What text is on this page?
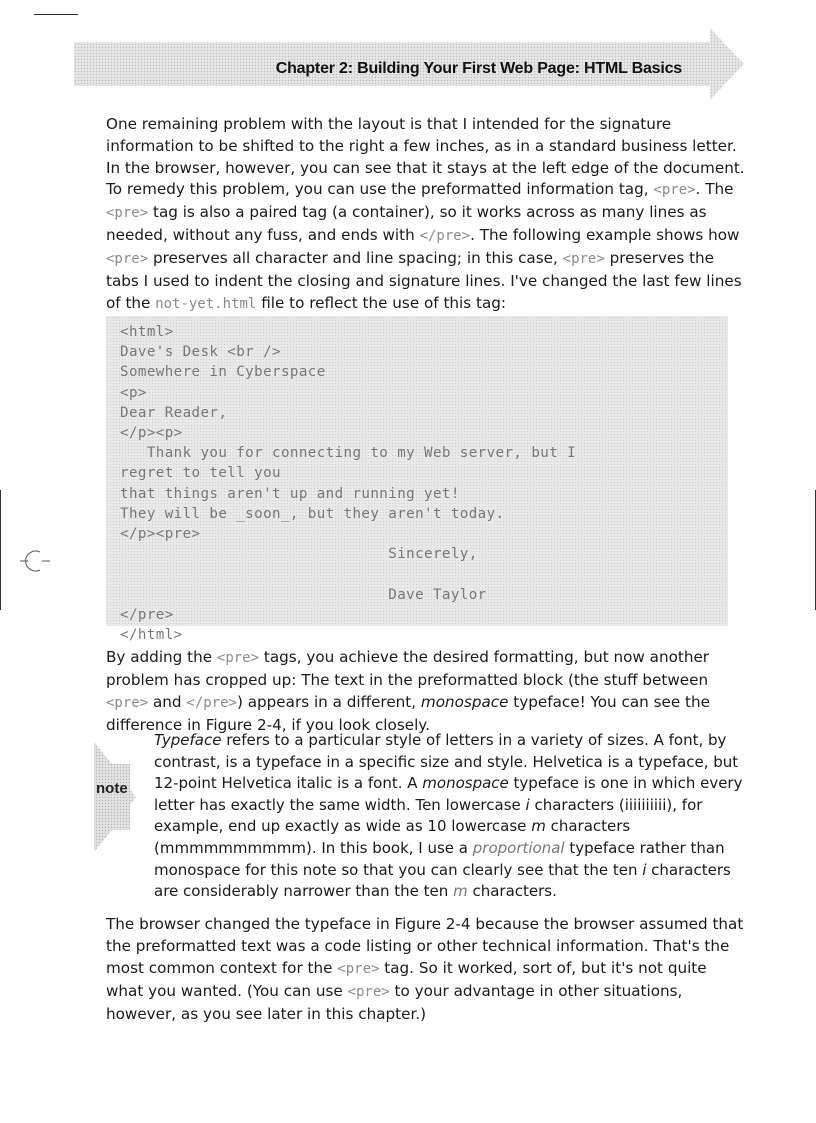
Chapter 2: Building Your First Web Page: HTML Basics

One remaining problem with the layout is that I intended for the signature information to be shifted to the right a few inches, as in a standard business letter. In the browser, however, you can see that it stays at the left edge of the document.

To remedy this problem, you can use the preformatted information tag, <pre>. The <pre> tag is also a paired tag (a container), so it works across as many lines as needed, without any fuss, and ends with </pre>. The following example shows how <pre> preserves all character and line spacing; in this case, <pre> preserves the tabs I used to indent the closing and signature lines. I've changed the last few lines of the not-yet.html file to reflect the use of this tag:

<html>
Dave's Desk <br />
Somewhere in Cyberspace
<p>
Dear Reader,
</p><p>
Thank you for connecting to my Web server, but I
regret to tell you
that things aren't up and running yet!
They will be _soon_, but they aren't today.
</p><pre>
Sincerely,

Dave Taylor
</pre>
</html>

By adding the <pre> tags, you achieve the desired formatting, but now another problem has cropped up: The text in the preformatted block (the stuff between <pre> and </pre>) appears in a different, monospace typeface! You can see the difference in Figure 2-4, if you look closely.

note
Typeface refers to a particular style of letters in a variety of sizes. A font, by contrast, is a typeface in a specific size and style. Helvetica is a typeface, but 12-point Helvetica italic is a font. A monospace typeface is one in which every letter has exactly the same width. Ten lowercase i characters (iiiiiiiiii), for example, end up exactly as wide as 10 lowercase m characters (mmmmmmmmmm). In this book, I use a proportional typeface rather than monospace for this note so that you can clearly see that the ten i characters are considerably narrower than the ten m characters.

The browser changed the typeface in Figure 2-4 because the browser assumed that the preformatted text was a code listing or other technical information. That's the most common context for the <pre> tag. So it worked, sort of, but it's not quite what you wanted. (You can use <pre> to your advantage in other situations, however, as you see later in this chapter.)
